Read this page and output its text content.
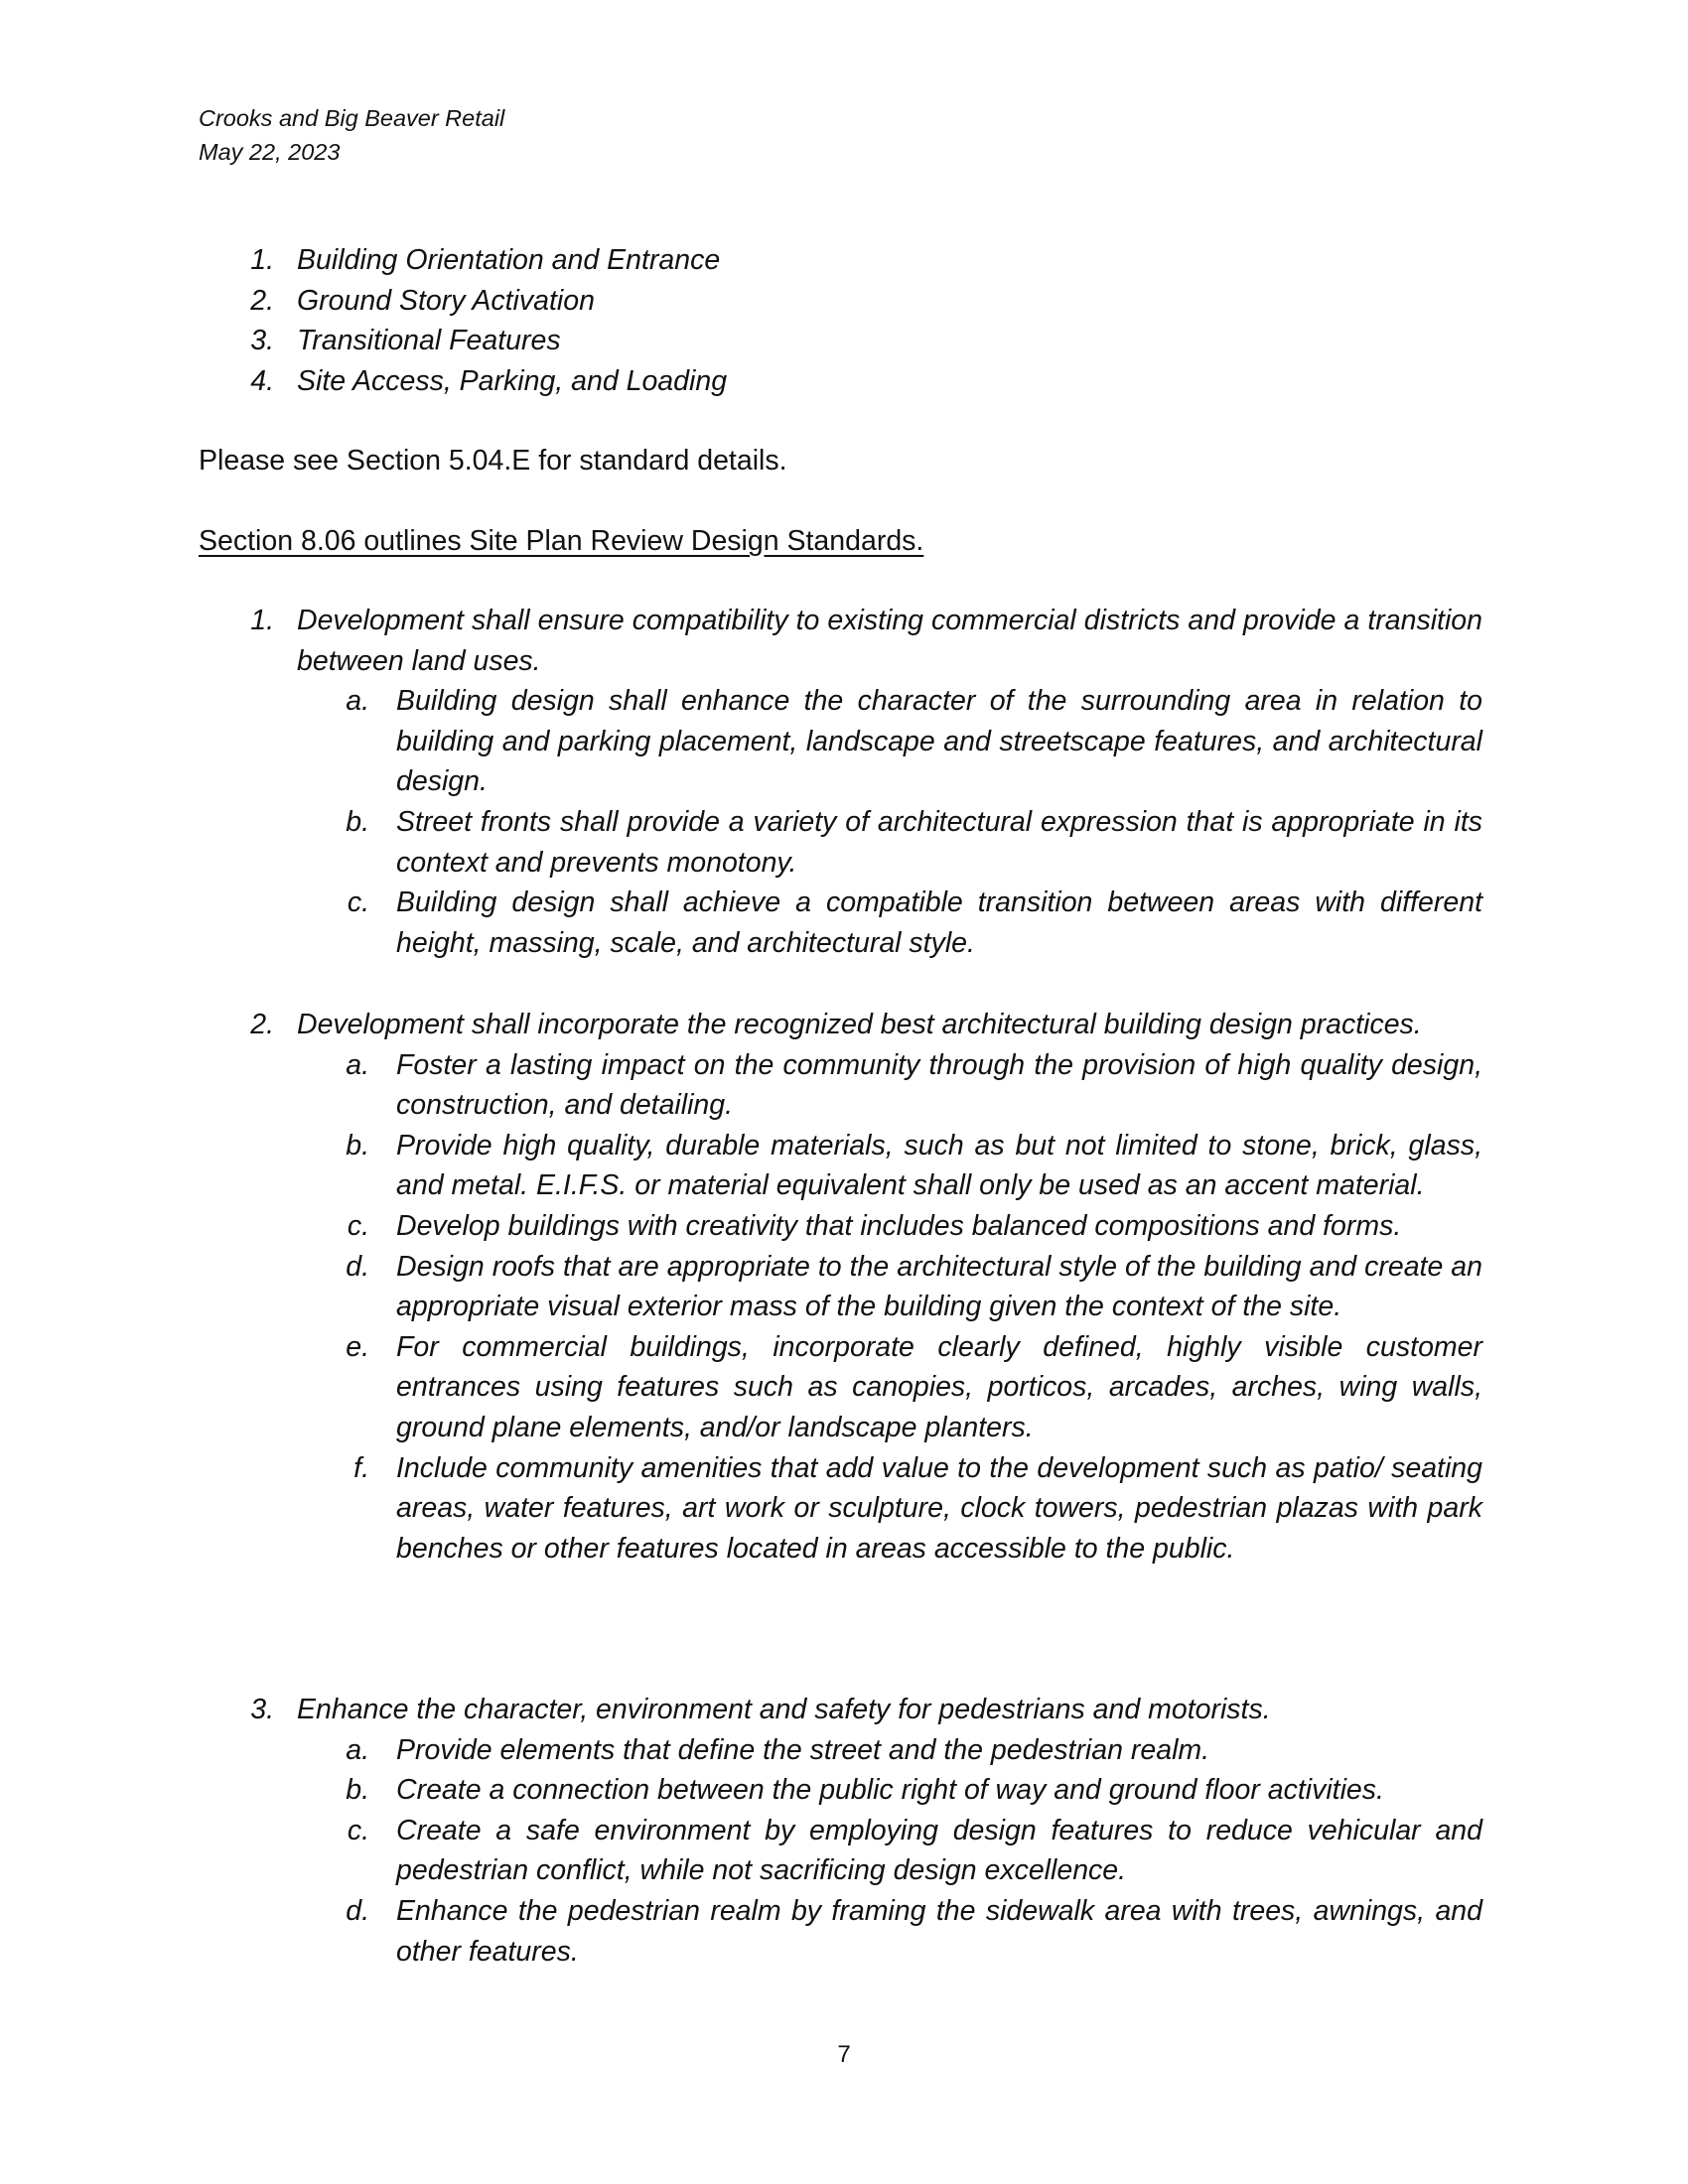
Crooks and Big Beaver Retail
May 22, 2023
1. Building Orientation and Entrance
2. Ground Story Activation
3. Transitional Features
4. Site Access, Parking, and Loading
Please see Section 5.04.E for standard details.
Section 8.06 outlines Site Plan Review Design Standards.
1. Development shall ensure compatibility to existing commercial districts and provide a transition between land uses.
a. Building design shall enhance the character of the surrounding area in relation to building and parking placement, landscape and streetscape features, and architectural design.
b. Street fronts shall provide a variety of architectural expression that is appropriate in its context and prevents monotony.
c. Building design shall achieve a compatible transition between areas with different height, massing, scale, and architectural style.
2. Development shall incorporate the recognized best architectural building design practices.
a. Foster a lasting impact on the community through the provision of high quality design, construction, and detailing.
b. Provide high quality, durable materials, such as but not limited to stone, brick, glass, and metal. E.I.F.S. or material equivalent shall only be used as an accent material.
c. Develop buildings with creativity that includes balanced compositions and forms.
d. Design roofs that are appropriate to the architectural style of the building and create an appropriate visual exterior mass of the building given the context of the site.
e. For commercial buildings, incorporate clearly defined, highly visible customer entrances using features such as canopies, porticos, arcades, arches, wing walls, ground plane elements, and/or landscape planters.
f. Include community amenities that add value to the development such as patio/ seating areas, water features, art work or sculpture, clock towers, pedestrian plazas with park benches or other features located in areas accessible to the public.
3. Enhance the character, environment and safety for pedestrians and motorists.
a. Provide elements that define the street and the pedestrian realm.
b. Create a connection between the public right of way and ground floor activities.
c. Create a safe environment by employing design features to reduce vehicular and pedestrian conflict, while not sacrificing design excellence.
d. Enhance the pedestrian realm by framing the sidewalk area with trees, awnings, and other features.
7
